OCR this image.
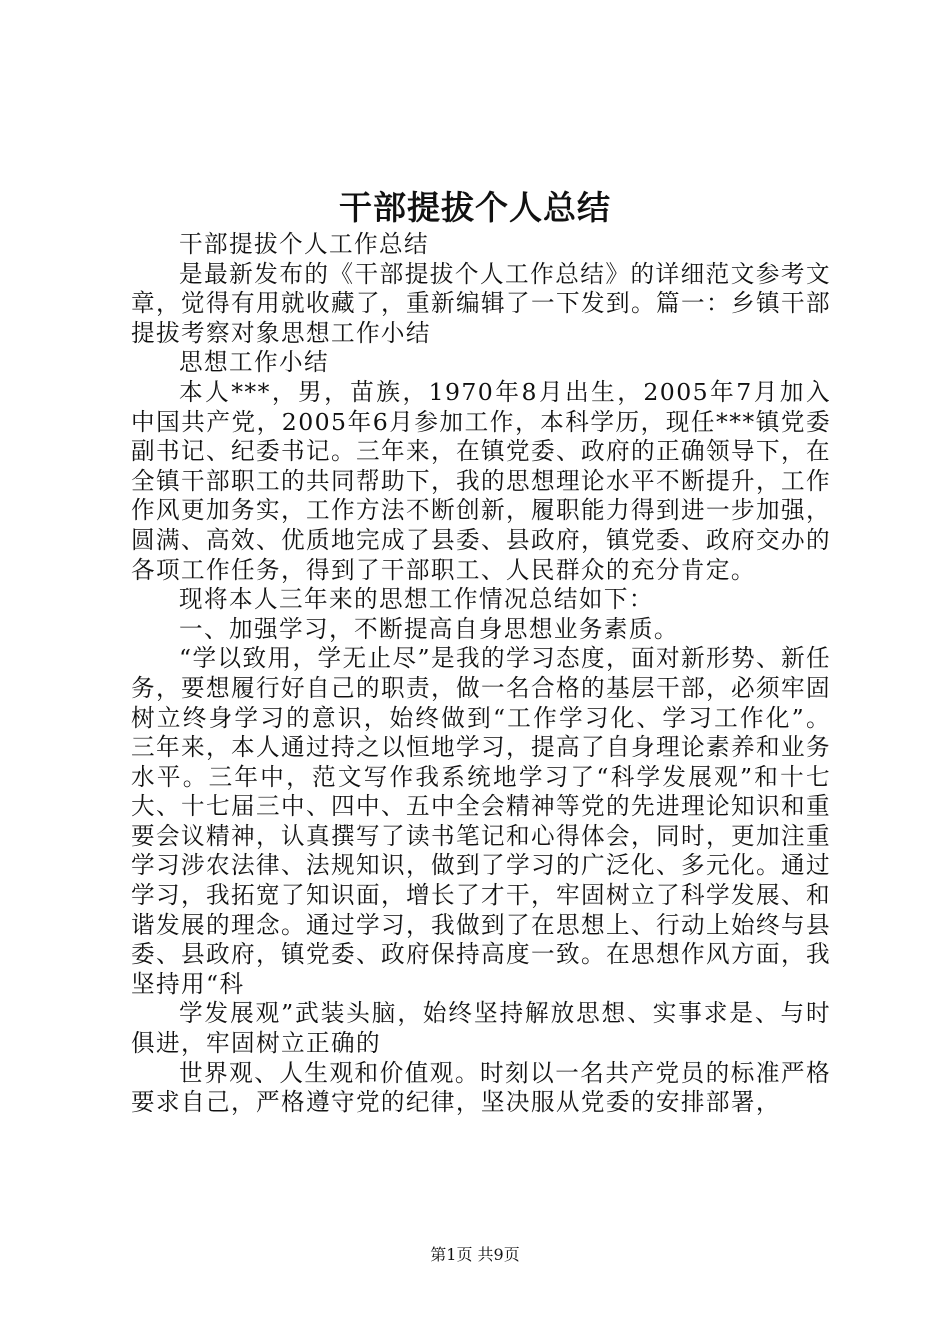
干部提拔个人总结

干部提拔个人工作总结

是最新发布的《干部提拔个人工作总结》的详细范文参考文章，觉得有用就收藏了，重新编辑了一下发到。篇一：乡镇干部提拔考察对象思想工作小结

思想工作小结

本人***，男，苗族，1970年8月出生，2005年7月加入中国共产党，2005年6月参加工作，本科学历，现任***镇党委副书记、纪委书记。三年来，在镇党委、政府的正确领导下，在全镇干部职工的共同帮助下，我的思想理论水平不断提升，工作作风更加务实，工作方法不断创新，履职能力得到进一步加强，圆满、高效、优质地完成了县委、县政府，镇党委、政府交办的各项工作任务，得到了干部职工、人民群众的充分肯定。

现将本人三年来的思想工作情况总结如下：

一、加强学习，不断提高自身思想业务素质。

“学以致用，学无止尽”是我的学习态度，面对新形势、新任务，要想履行好自己的职责，做一名合格的基层干部，必须牢固树立终身学习的意识，始终做到“工作学习化、学习工作化”。三年来，本人通过持之以恒地学习，提高了自身理论素养和业务水平。三年中，范文写作我系统地学习了“科学发展观”和十七大、十七届三中、四中、五中全会精神等党的先进理论知识和重要会议精神，认真撰写了读书笔记和心得体会，同时，更加注重学习涉农法律、法规知识，做到了学习的广泛化、多元化。通过学习，我拓宽了知识面，增长了才干，牢固树立了科学发展、和谐发展的理念。通过学习，我做到了在思想上、行动上始终与县委、县政府，镇党委、政府保持高度一致。在思想作风方面，我坚持用“科

学发展观”武装头脑，始终坚持解放思想、实事求是、与时俱进，牢固树立正确的

世界观、人生观和价值观。时刻以一名共产党员的标准严格要求自己，严格遵守党的纪律，坚决服从党委的安排部署，

第1页 共9页
